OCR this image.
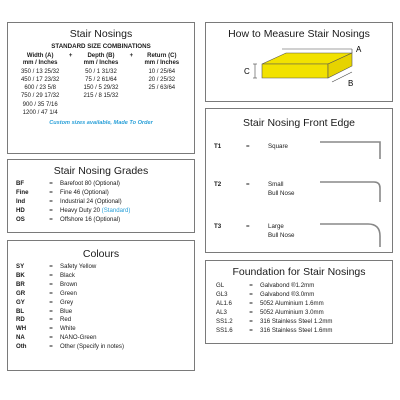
Stair Nosings
STANDARD SIZE COMBINATIONS
Width (A)	+	Depth (B)	+	Return (C)
mm / Inches		mm / Inches		mm / Inches
350 / 13 25/32		50 / 1 31/32		10 / 25/64
450 / 17 23/32		75 / 2 61/64		20 / 25/32
600 / 23 5/8		150 / 5 29/32		25 / 63/64
750 / 29 17/32		215 / 8 15/32		
900 / 35 7/16				
1200 / 47 1/4				
Custom sizes available, Made To Order
How to Measure Stair Nosings
A
C
B
Stair Nosing Grades
BF	=	Barefoot 80 (Optional)
Fine	=	Fine 46 (Optional)
Ind	=	Industrial 24 (Optional)
HD	=	Heavy Duty 20 (Standard)
OS	=	Offshore 16 (Optional)
Stair Nosing Front Edge
T1	=	Square
T2	=	Small
Bull Nose
T3	=	Large
Bull Nose
Colours
SY	=	Safety Yellow
BK	=	Black
BR	=	Brown
GR	=	Green
GY	=	Grey
BL	=	Blue
RD	=	Red
WH	=	White
NA	=	NANO-Green
Oth	=	Other (Specify in notes)
Foundation for Stair Nosings
GL	=	Galvabond ®1.2mm
GL3	=	Galvabond ®3.0mm
AL1.6	=	5052 Aluminium 1.6mm
AL3	=	5052 Aluminium 3.0mm
SS1.2	=	316 Stainless Steel 1.2mm
SS1.6	=	316 Stainless Steel 1.6mm
